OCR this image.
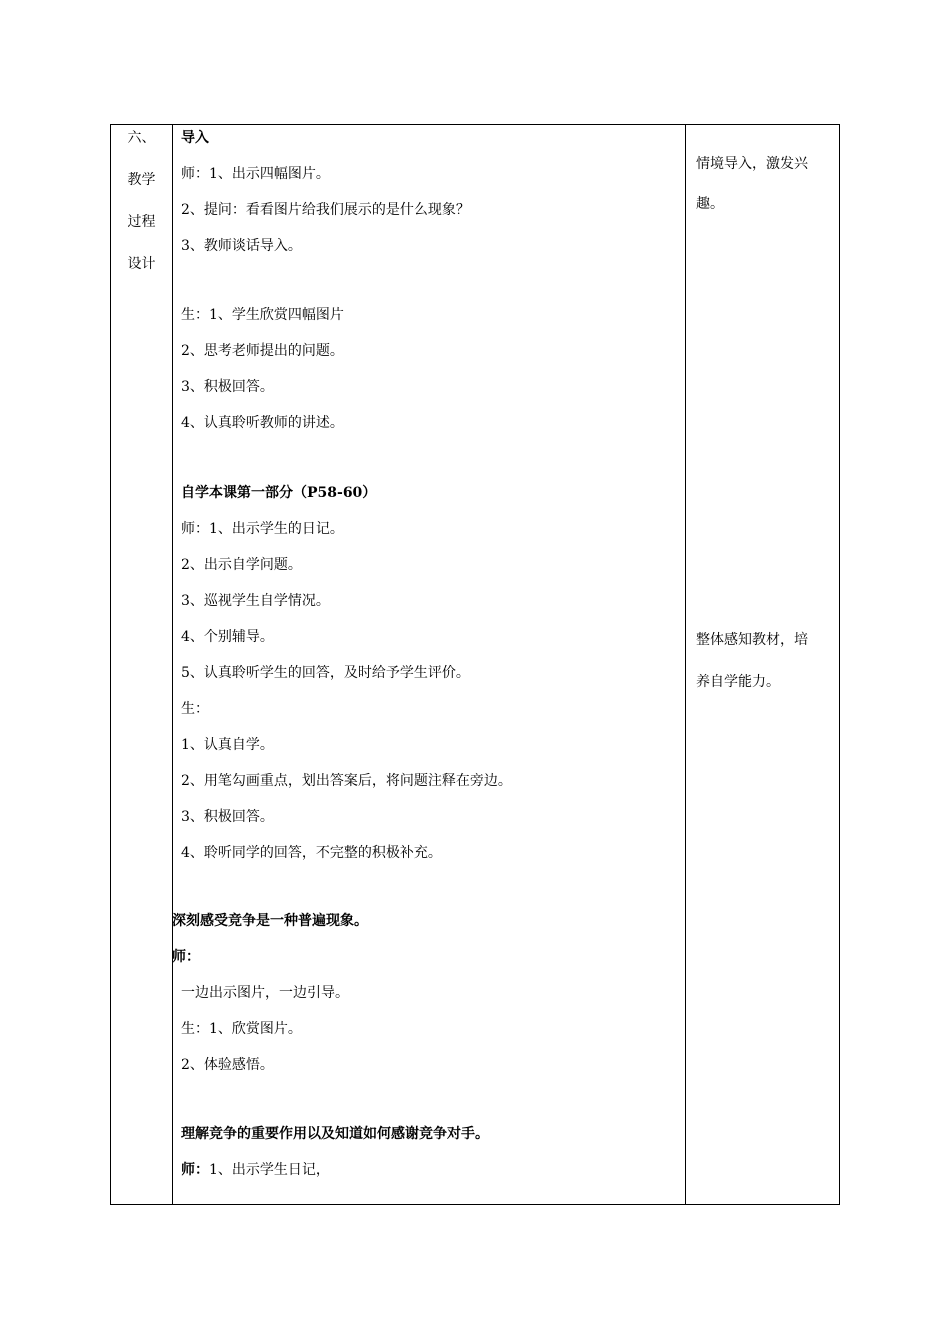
六、
教学
过程
设计
导入
师：1、出示四幅图片。
2、提问：看看图片给我们展示的是什么现象？
3、教师谈话导入。
生：1、学生欣赏四幅图片
2、思考老师提出的问题。
3、积极回答。
4、认真聆听教师的讲述。
自学本课第一部分（P58-60）
师：1、出示学生的日记。
2、出示自学问题。
3、巡视学生自学情况。
4、个别辅导。
5、认真聆听学生的回答，及时给予学生评价。
生：
1、认真自学。
2、用笔勾画重点，划出答案后，将问题注释在旁边。
3、积极回答。
4、聆听同学的回答，不完整的积极补充。
深刻感受竞争是一种普遍现象。
师：
一边出示图片，一边引导。
生：1、欣赏图片。
2、体验感悟。
理解竞争的重要作用以及知道如何感谢竞争对手。
师：1、出示学生日记，
情境导入，激发兴
趣。
整体感知教材，培
养自学能力。
